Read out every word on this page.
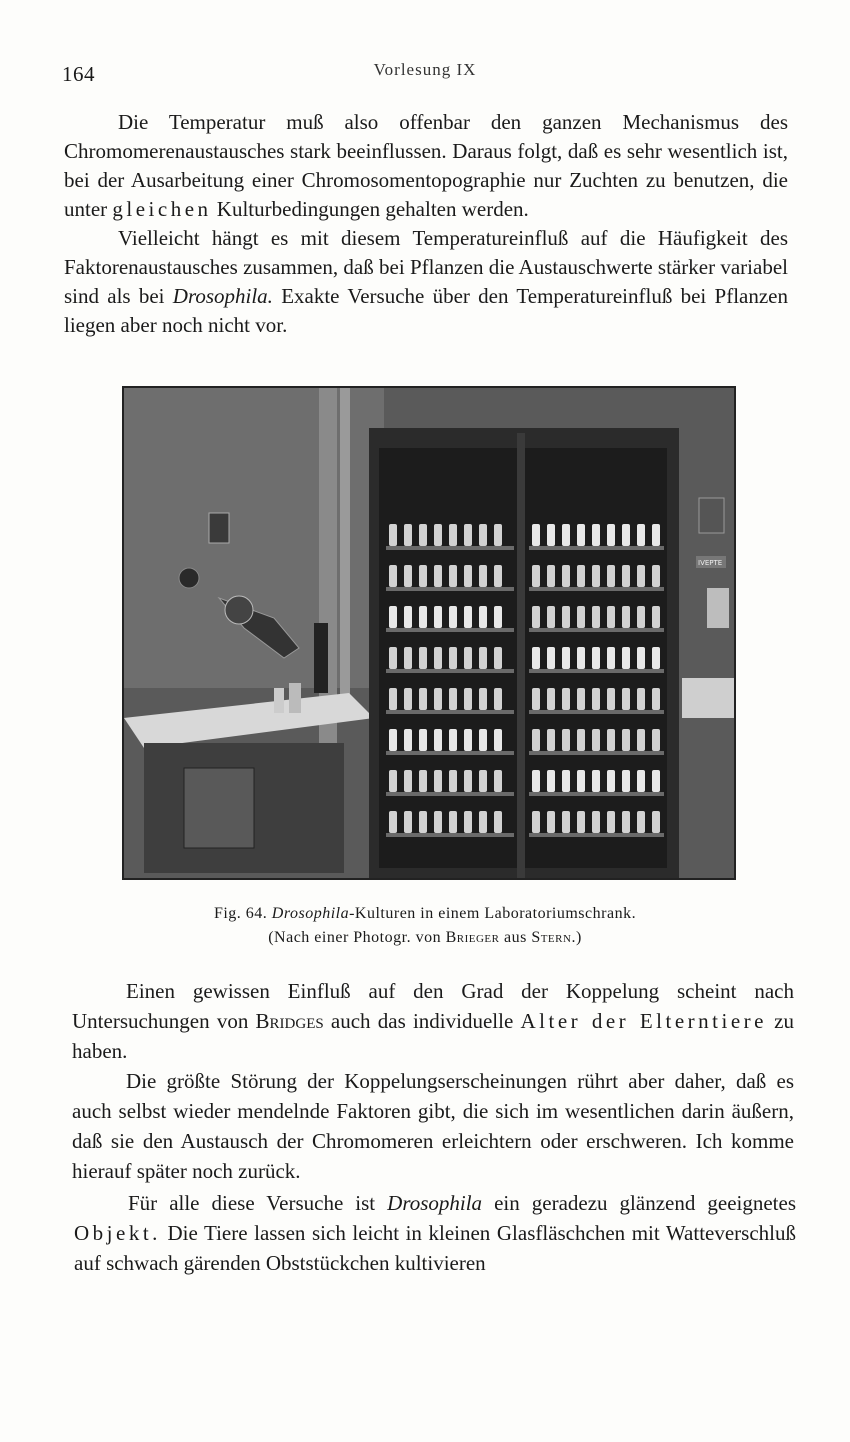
164	Vorlesung IX

Die Temperatur muß also offenbar den ganzen Mechanismus des Chromomerenaustausches stark beeinflussen. Daraus folgt, daß es sehr wesentlich ist, bei der Ausarbeitung einer Chromosomentopographie nur Zuchten zu benutzen, die unter gleichen Kulturbedingungen gehalten werden.

Vielleicht hängt es mit diesem Temperatureinfluß auf die Häufigkeit des Faktorenaustausches zusammen, daß bei Pflanzen die Austauschwerte stärker variabel sind als bei Drosophila. Exakte Versuche über den Temperatureinfluß bei Pflanzen liegen aber noch nicht vor.

IVEPTE
Fig. 64. Drosophila-Kulturen in einem Laboratoriumschrank.
(Nach einer Photogr. von Brieger aus Stern.)

Einen gewissen Einfluß auf den Grad der Koppelung scheint nach Untersuchungen von Bridges auch das individuelle Alter der Elterntiere zu haben.

Die größte Störung der Koppelungserscheinungen rührt aber daher, daß es auch selbst wieder mendelnde Faktoren gibt, die sich im wesentlichen darin äußern, daß sie den Austausch der Chromomeren erleichtern oder erschweren. Ich komme hierauf später noch zurück.

Für alle diese Versuche ist Drosophila ein geradezu glänzend geeignetes Objekt. Die Tiere lassen sich leicht in kleinen Glasfläschchen mit Watteverschluß auf schwach gärenden Obststückchen kultivieren
